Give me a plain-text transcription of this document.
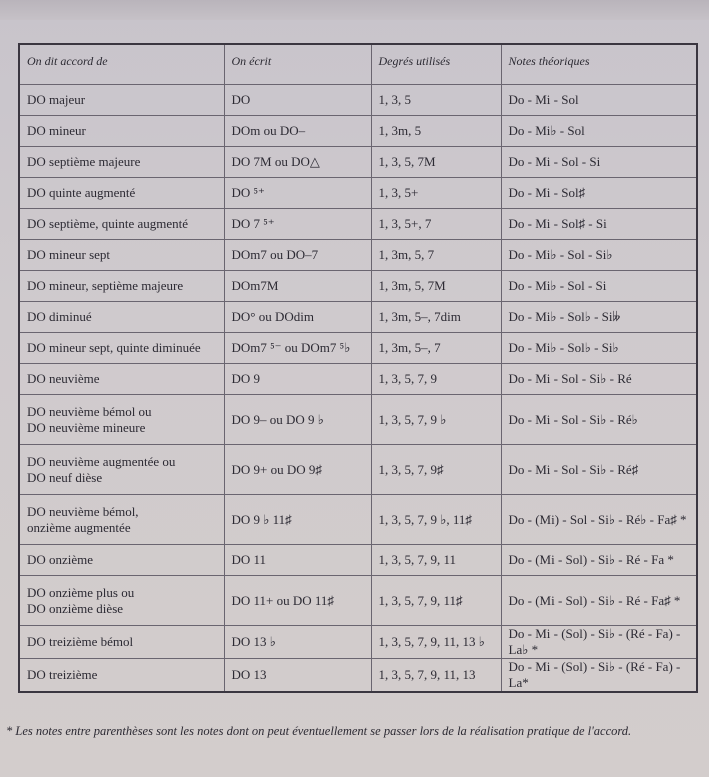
On dit accord de	On écrit	Degrés utilisés	Notes théoriques

DO majeur	DO	1, 3, 5	Do - Mi - Sol

DO mineur	DOm ou DO–	1, 3m, 5	Do - Mi♭ - Sol

DO septième majeure	DO 7M ou DO△	1, 3, 5, 7M	Do - Mi - Sol - Si

DO quinte augmenté	DO ⁵⁺	1, 3, 5+	Do - Mi - Sol♯

DO septième, quinte augmenté	DO 7 ⁵⁺	1, 3, 5+, 7	Do - Mi - Sol♯ - Si

DO mineur sept	DOm7 ou DO–7	1, 3m, 5, 7	Do - Mi♭ - Sol - Si♭

DO mineur, septième majeure	DOm7M	1, 3m, 5, 7M	Do - Mi♭ - Sol - Si

DO diminué	DO° ou DOdim	1, 3m, 5–, 7dim	Do - Mi♭ - Sol♭ - Si𝄫

DO mineur sept, quinte diminuée	DOm7 ⁵⁻ ou DOm7 ⁵♭	1, 3m, 5–, 7	Do - Mi♭ - Sol♭ - Si♭

DO neuvième	DO 9	1, 3, 5, 7, 9	Do - Mi - Sol - Si♭ - Ré

DO neuvième bémol ou
DO neuvième mineure	DO 9– ou DO 9 ♭	1, 3, 5, 7, 9 ♭	Do - Mi - Sol - Si♭ - Ré♭

DO neuvième augmentée ou
DO neuf dièse	DO 9+ ou DO 9♯	1, 3, 5, 7, 9♯	Do - Mi - Sol - Si♭ - Ré♯

DO neuvième bémol,
onzième augmentée	DO 9 ♭ 11♯	1, 3, 5, 7, 9 ♭, 11♯	Do - (Mi) - Sol - Si♭ - Ré♭ - Fa♯ *

DO onzième	DO 11	1, 3, 5, 7, 9, 11	Do - (Mi - Sol) - Si♭ - Ré - Fa *

DO onzième plus ou
DO onzième dièse	DO 11+ ou DO 11♯	1, 3, 5, 7, 9, 11♯	Do - (Mi - Sol) - Si♭ - Ré - Fa♯ *

DO treizième bémol	DO 13 ♭	1, 3, 5, 7, 9, 11, 13 ♭	Do - Mi - (Sol) - Si♭ - (Ré - Fa) - La♭ *

DO treizième	DO 13	1, 3, 5, 7, 9, 11, 13	Do - Mi - (Sol) - Si♭ - (Ré - Fa) - La*
* Les notes entre parenthèses sont les notes dont on peut éventuellement se passer lors de la réalisation pratique de l'accord.
